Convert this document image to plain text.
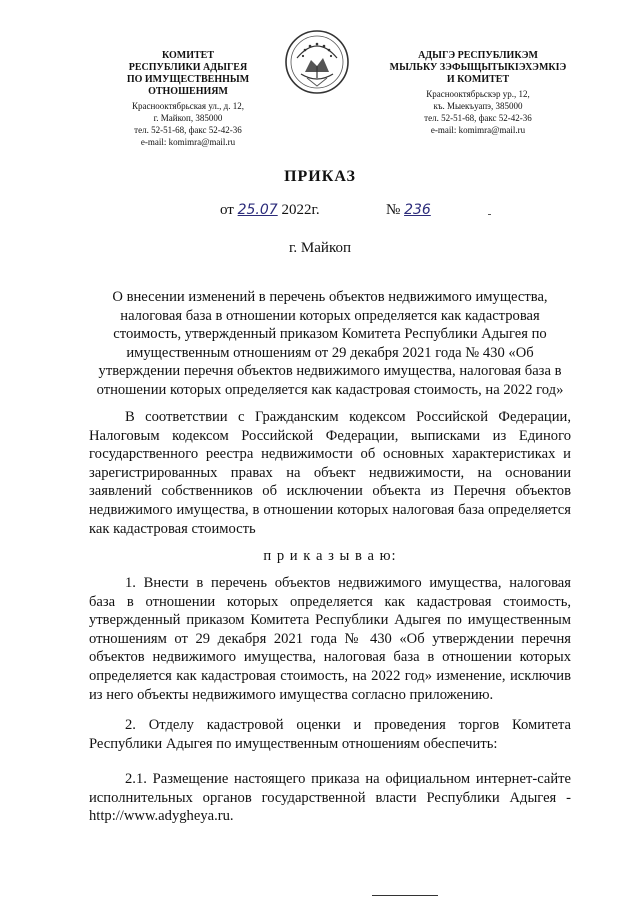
КОМИТЕТ
РЕСПУБЛИКИ АДЫГЕЯ
ПО ИМУЩЕСТВЕННЫМ ОТНОШЕНИЯМ
Краснооктябрьская ул., д. 12,
г. Майкоп, 385000
тел. 52-51-68, факс 52-42-36
e-mail: komimra@mail.ru
АДЫГЭ РЕСПУБЛИКЭМ
МЫЛЬКУ ЗЭФЫЩЫТЫКIЭХЭМКIЭ
И КОМИТЕТ
Краснооктябрьскэр ур., 12,
къ. Мыекъуапэ, 385000
тел. 52-51-68, факс 52-42-36
e-mail: komimra@mail.ru
ПРИКАЗ
от 25.07 2022г.	№ 236
г. Майкоп
О внесении изменений в перечень объектов недвижимого имущества, налоговая база в отношении которых определяется как кадастровая стоимость, утвержденный приказом Комитета Республики Адыгея по имущественным отношениям от 29 декабря 2021 года № 430 «Об утверждении перечня объектов недвижимого имущества, налоговая база в отношении которых определяется как кадастровая стоимость, на 2022 год»
В соответствии с Гражданским кодексом Российской Федерации, Налоговым кодексом Российской Федерации, выписками из Единого государственного реестра недвижимости об основных характеристиках и зарегистрированных правах на объект недвижимости, на основании заявлений собственников об исключении объекта из Перечня объектов недвижимого имущества, в отношении которых налоговая база определяется как кадастровая стоимость
п р и к а з ы в а ю:
1. Внести в перечень объектов недвижимого имущества, налоговая база в отношении которых определяется как кадастровая стоимость, утвержденный приказом Комитета Республики Адыгея по имущественным отношениям от 29 декабря 2021 года № 430 «Об утверждении перечня объектов недвижимого имущества, налоговая база в отношении которых определяется как кадастровая стоимость, на 2022 год» изменение, исключив из него объекты недвижимого имущества согласно приложению.
2. Отделу кадастровой оценки и проведения торгов Комитета Республики Адыгея по имущественным отношениям обеспечить:
2.1. Размещение настоящего приказа на официальном интернет-сайте исполнительных органов государственной власти Республики Адыгея - http://www.adygheya.ru.
